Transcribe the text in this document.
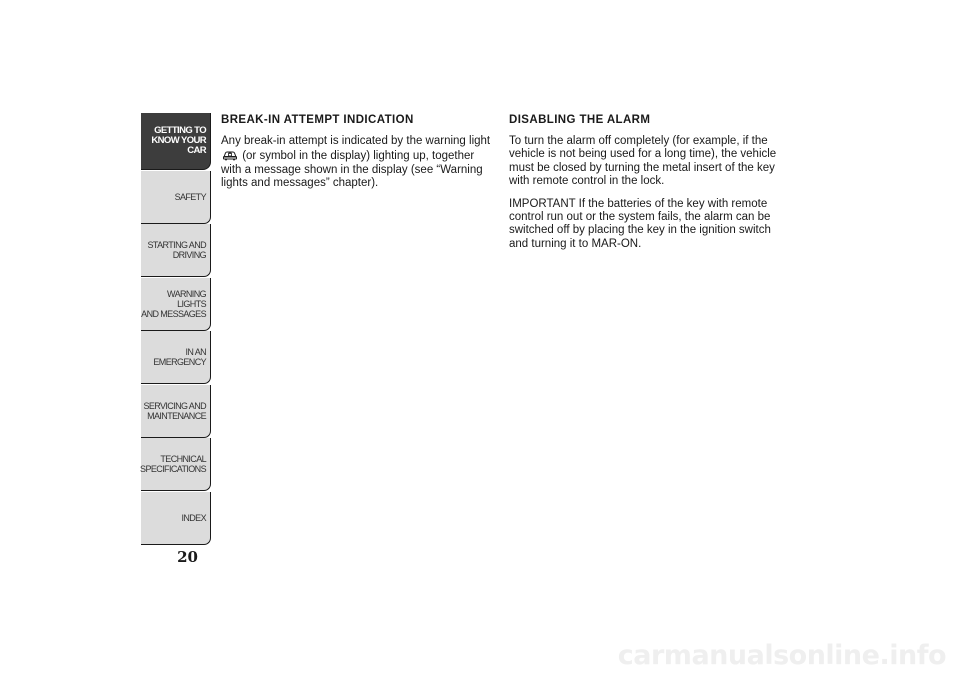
GETTING TO
KNOW YOUR CAR
SAFETY
STARTING AND
DRIVING
WARNING LIGHTS
AND MESSAGES
IN AN EMERGENCY
SERVICING AND
MAINTENANCE
TECHNICAL
SPECIFICATIONS
INDEX
20
BREAK-IN ATTEMPT INDICATION

Any break-in attempt is indicated by the warning light  (or symbol in the display) lighting up, together with a message shown in the display (see “Warning lights and messages” chapter).

DISABLING THE ALARM

To turn the alarm off completely (for example, if the vehicle is not being used for a long time), the vehicle must be closed by turning the metal insert of the key with remote control in the lock.

IMPORTANT If the batteries of the key with remote control run out or the system fails, the alarm can be switched off by placing the key in the ignition switch and turning it to MAR-ON.

carmanualsonline.info
